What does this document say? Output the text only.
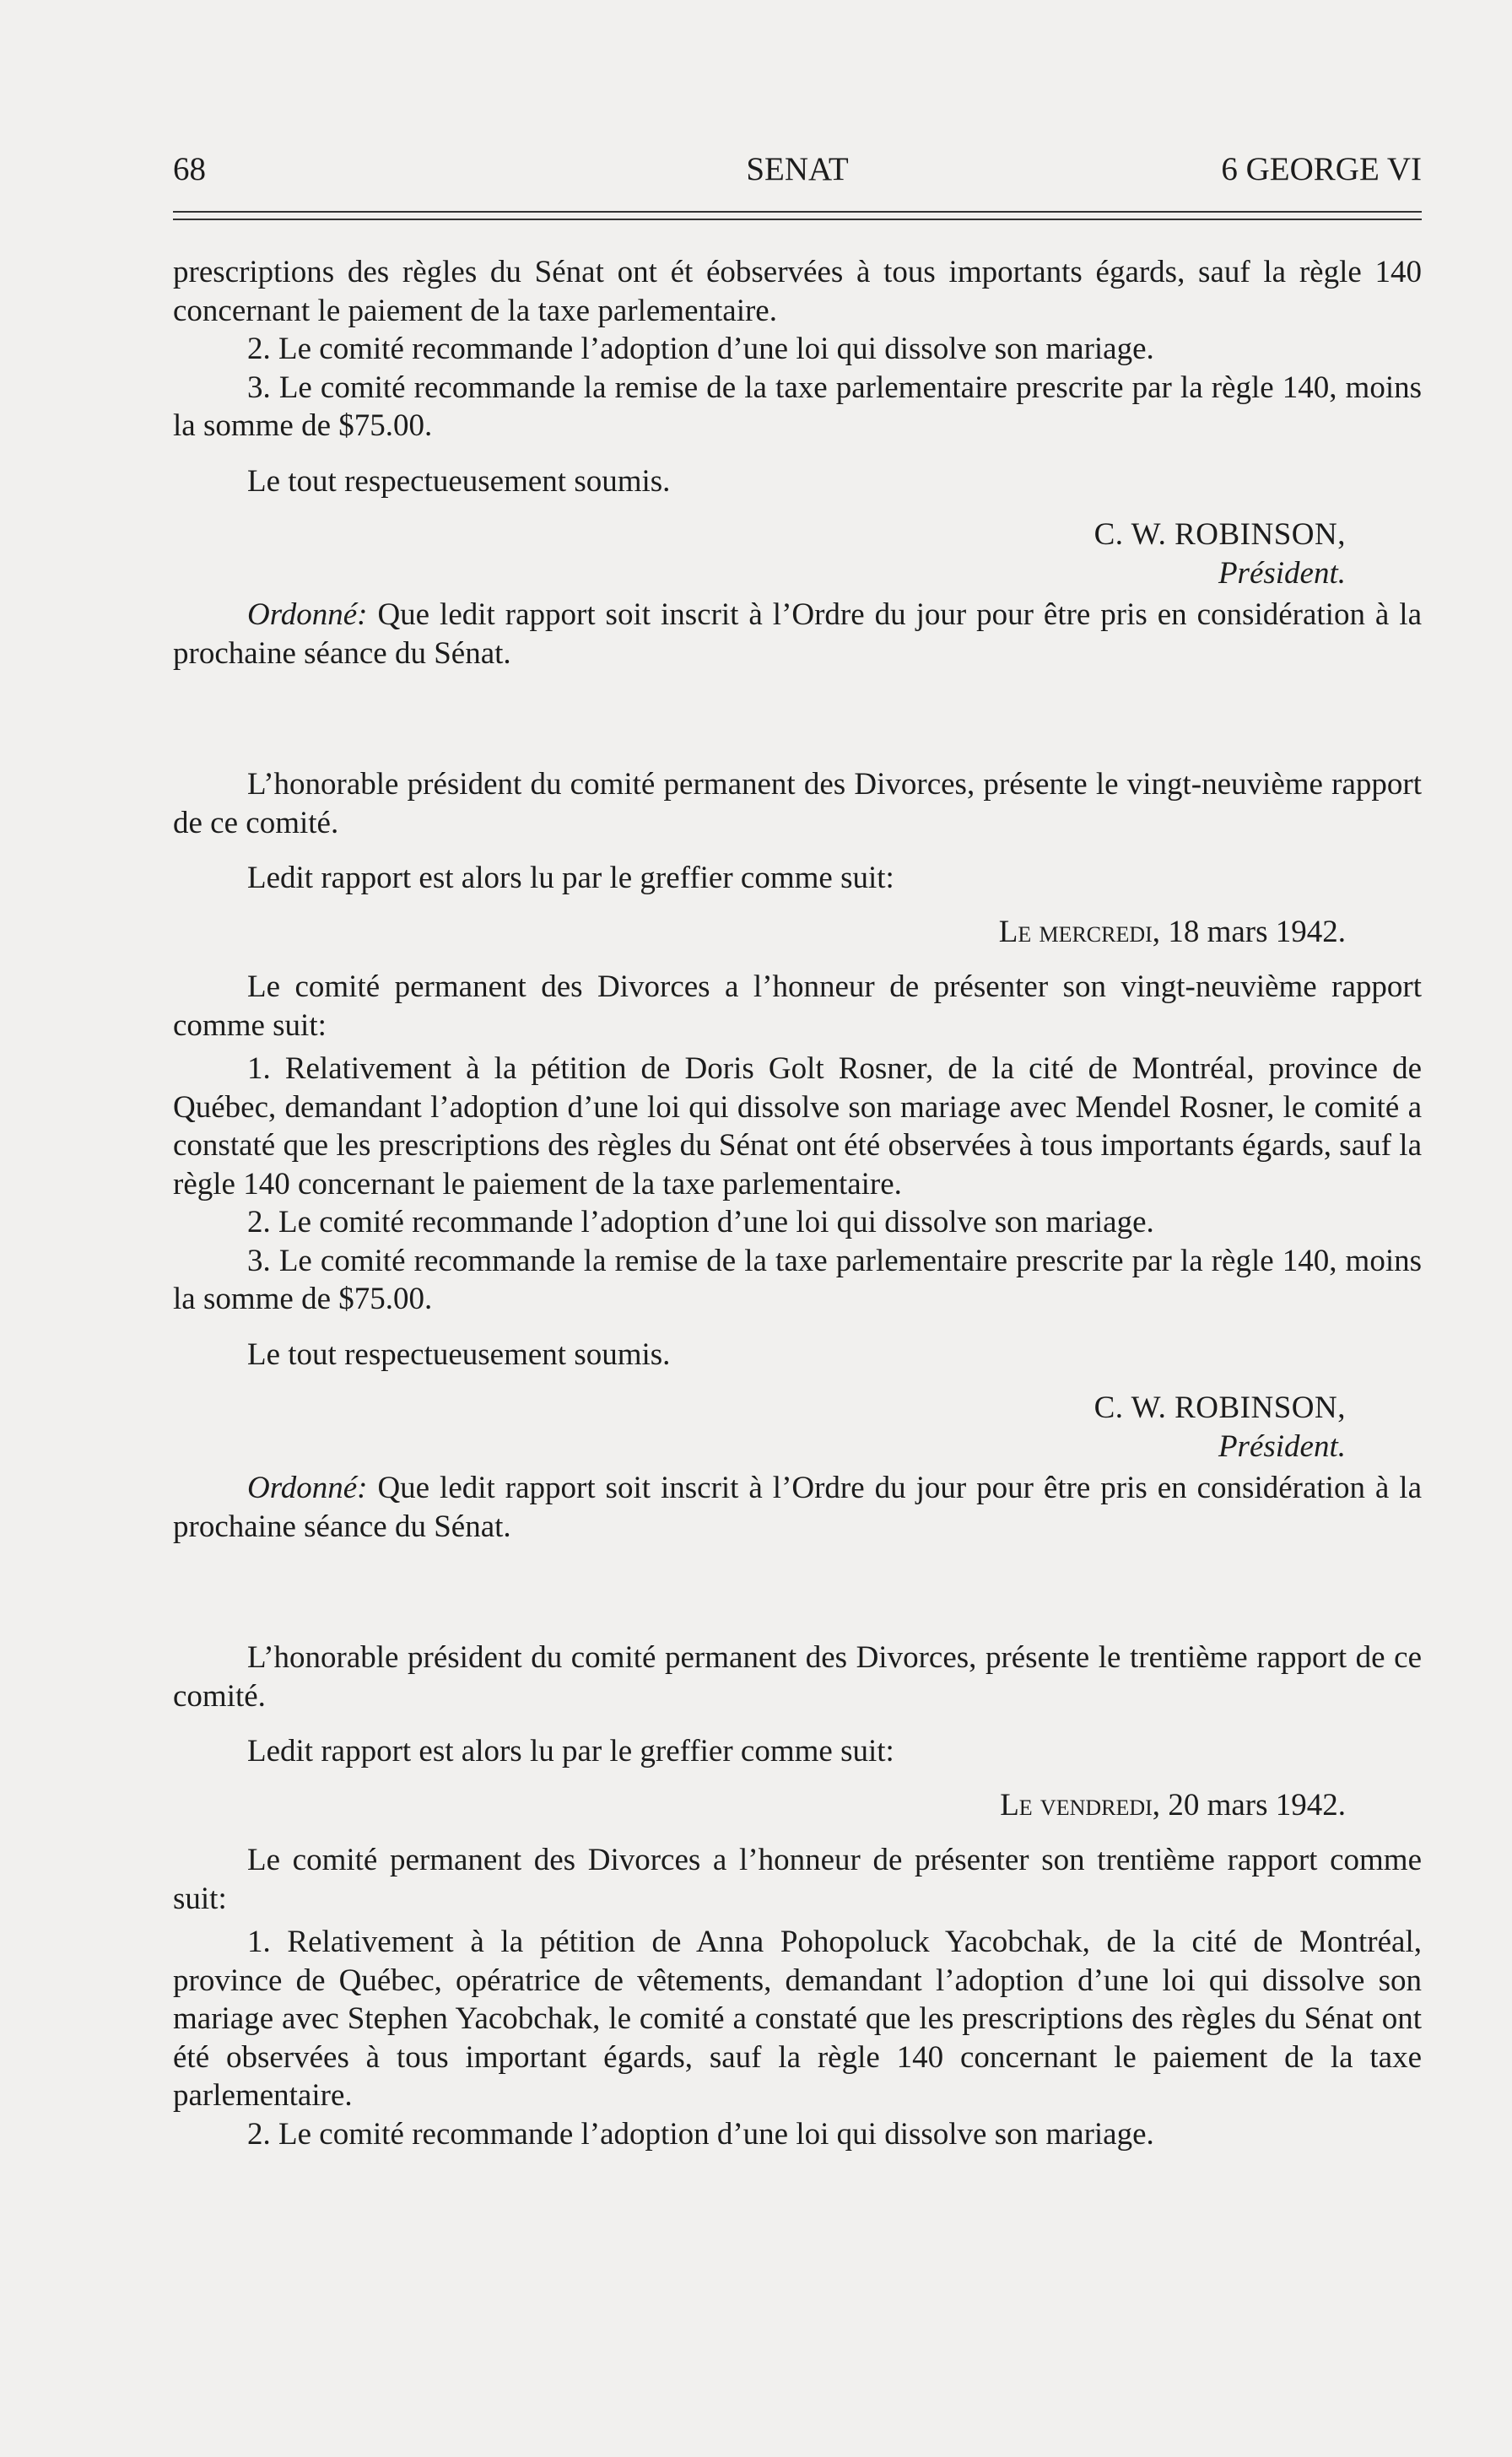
68	SENAT	6 GEORGE VI

prescriptions des règles du Sénat ont ét éobservées à tous importants égards, sauf la règle 140 concernant le paiement de la taxe parlementaire.

2. Le comité recommande l’adoption d’une loi qui dissolve son mariage.

3. Le comité recommande la remise de la taxe parlementaire prescrite par la règle 140, moins la somme de $75.00.

Le tout respectueusement soumis.

C. W. ROBINSON,

Président.

Ordonné: Que ledit rapport soit inscrit à l’Ordre du jour pour être pris en considération à la prochaine séance du Sénat.

L’honorable président du comité permanent des Divorces, présente le vingt-neuvième rapport de ce comité.

Ledit rapport est alors lu par le greffier comme suit:

Le mercredi, 18 mars 1942.

Le comité permanent des Divorces a l’honneur de présenter son vingt-neuvième rapport comme suit:

1. Relativement à la pétition de Doris Golt Rosner, de la cité de Montréal, province de Québec, demandant l’adoption d’une loi qui dissolve son mariage avec Mendel Rosner, le comité a constaté que les prescriptions des règles du Sénat ont été observées à tous importants égards, sauf la règle 140 concernant le paiement de la taxe parlementaire.

2. Le comité recommande l’adoption d’une loi qui dissolve son mariage.

3. Le comité recommande la remise de la taxe parlementaire prescrite par la règle 140, moins la somme de $75.00.

Le tout respectueusement soumis.

C. W. ROBINSON,

Président.

Ordonné: Que ledit rapport soit inscrit à l’Ordre du jour pour être pris en considération à la prochaine séance du Sénat.

L’honorable président du comité permanent des Divorces, présente le trentième rapport de ce comité.

Ledit rapport est alors lu par le greffier comme suit:

Le vendredi, 20 mars 1942.

Le comité permanent des Divorces a l’honneur de présenter son trentième rapport comme suit:

1. Relativement à la pétition de Anna Pohopoluck Yacobchak, de la cité de Montréal, province de Québec, opératrice de vêtements, demandant l’adoption d’une loi qui dissolve son mariage avec Stephen Yacobchak, le comité a constaté que les prescriptions des règles du Sénat ont été observées à tous important égards, sauf la règle 140 concernant le paiement de la taxe parlementaire.

2. Le comité recommande l’adoption d’une loi qui dissolve son mariage.
